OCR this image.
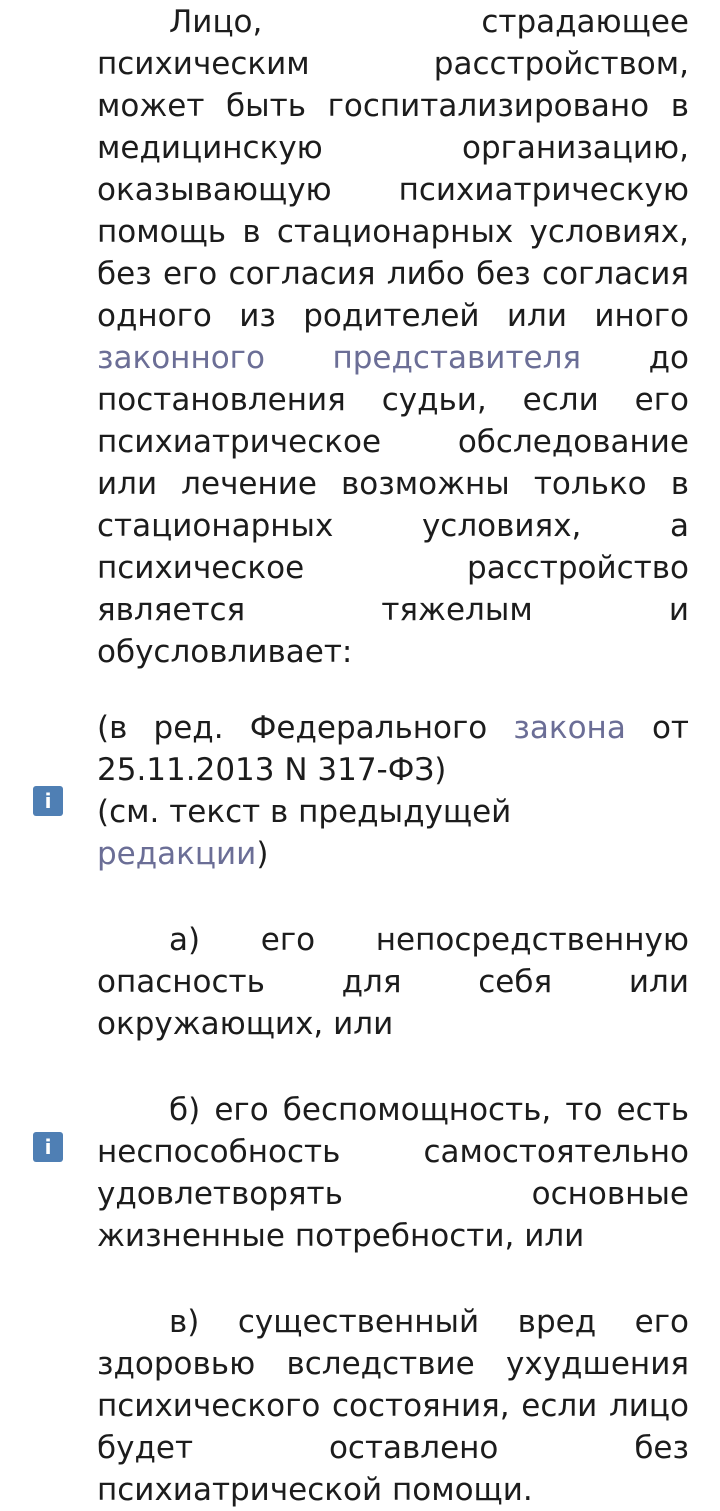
Лицо, страдающее психическим расстройством, может быть госпитализировано в медицинскую организацию, оказывающую психиатрическую помощь в стационарных условиях, без его согласия либо без согласия одного из родителей или иного законного представителя до постановления судьи, если его психиатрическое обследование или лечение возможны только в стационарных условиях, а психическое расстройство является тяжелым и обусловливает:

(в ред. Федерального закона от 25.11.2013 N 317-ФЗ)

(см. текст в предыдущей редакции)

а) его непосредственную опасность для себя или окружающих, или

б) его беспомощность, то есть неспособность самостоятельно удовлетворять основные жизненные потребности, или

в) существенный вред его здоровью вследствие ухудшения психического состояния, если лицо будет оставлено без психиатрической помощи.

i
i
